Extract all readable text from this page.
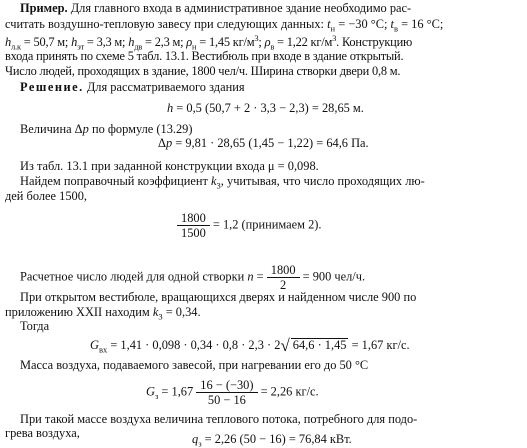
Пример. Для главного входа в административное здание необходимо рас-
считать воздушно-тепловую завесу при следующих данных: $t_н = -30$ °С; $t_в = 16$ °С;
$h_{л.к} = 50,7$ м; $h_{эт} = 3,3$ м; $h_{дв} = 2,3$ м; $\rho_н = 1,45$ $кг/м^3$; $\rho_в = 1,22$ $кг/м^3$. Конструкцию
входа принять по схеме 5 табл. 13.1. Вестибюль при входе в здание открытый.
Число людей, проходящих в здание, 1800 чел/ч. Ширина створки двери 0,8 м.
Решение. Для рассматриваемого здания
h = 0,5 (50,7 + 2 · 3,3 − 2,3) = 28,65 м.
Величина Δp по формуле (13.29)
Δp = 9,81 · 28,65 (1,45 − 1,22) = 64,6 Па.
Из табл. 13.1 при заданной конструкции входа μ = 0,098.
Найдем поправочный коэффициент $k_3$, учитывая, что число проходящих лю-
дей более 1500,
$\frac{1800}{1500} = 1,2$ (принимаем 2).
Расчетное число людей для одной створки $n = \frac{1800}{2} = 900$ чел/ч.
При открытом вестибюле, вращающихся дверях и найденном числе 900 по
приложению XXII находим $k_3 = 0,34$.
Тогда
$G_{вх} = 1,41 \cdot 0,098 \cdot 0,34 \cdot 0,8 \cdot 2,3 \cdot 2√$ 64,6 · 1,45 = 1,67 кг/с.
Масса воздуха, подаваемого завесой, при нагревании его до 50 °С
$G_з = 1,67 \frac{16 - (-30)}{50 - 16} = 2,26$ кг/с.
При такой массе воздуха величина теплового потока, потребного для подо-
грева воздуха,	$q_з = 2,26$ (50 − 16) = 76,84 кВт.
